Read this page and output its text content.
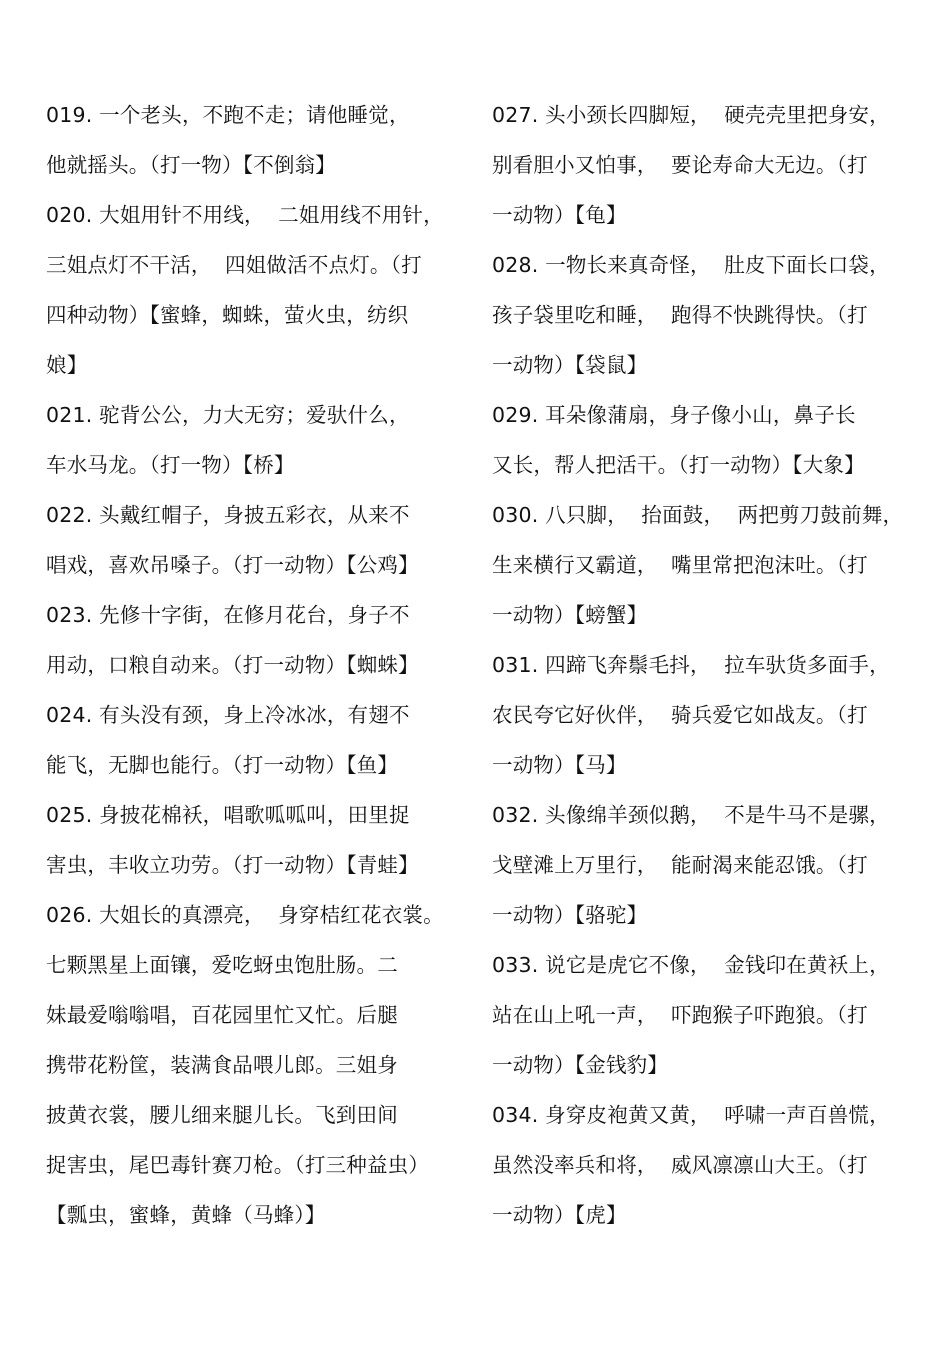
019. 一个老头，不跑不走；请他睡觉，
他就摇头。（打一物）【不倒翁】
020. 大姐用针不用线，  二姐用线不用针，
三姐点灯不干活，  四姐做活不点灯。（打
四种动物）【蜜蜂，蜘蛛，萤火虫，纺织
娘】
021. 驼背公公，力大无穷；爱驮什么，
车水马龙。（打一物）【桥】
022. 头戴红帽子，身披五彩衣，从来不
唱戏，喜欢吊嗓子。（打一动物）【公鸡】
023. 先修十字街，在修月花台，身子不
用动，口粮自动来。（打一动物）【蜘蛛】
024. 有头没有颈，身上冷冰冰，有翅不
能飞，无脚也能行。（打一动物）【鱼】
025. 身披花棉袄，唱歌呱呱叫，田里捉
害虫，丰收立功劳。（打一动物）【青蛙】
026. 大姐长的真漂亮，  身穿桔红花衣裳。
七颗黑星上面镶，爱吃蚜虫饱肚肠。二
妹最爱嗡嗡唱，百花园里忙又忙。后腿
携带花粉筐，装满食品喂儿郎。三姐身
披黄衣裳，腰儿细来腿儿长。飞到田间
捉害虫，尾巴毒针赛刀枪。（打三种益虫）
【瓢虫，蜜蜂，黄蜂（马蜂）】
027. 头小颈长四脚短，  硬壳壳里把身安，
别看胆小又怕事，  要论寿命大无边。（打
一动物）【龟】
028. 一物长来真奇怪，  肚皮下面长口袋，
孩子袋里吃和睡，  跑得不快跳得快。（打
一动物）【袋鼠】
029. 耳朵像蒲扇，身子像小山，鼻子长
又长，帮人把活干。（打一动物）【大象】
030. 八只脚，  抬面鼓，  两把剪刀鼓前舞，
生来横行又霸道，  嘴里常把泡沫吐。（打
一动物）【螃蟹】
031. 四蹄飞奔鬃毛抖，  拉车驮货多面手，
农民夸它好伙伴，  骑兵爱它如战友。（打
一动物）【马】
032. 头像绵羊颈似鹅，  不是牛马不是骡，
戈壁滩上万里行，  能耐渴来能忍饿。（打
一动物）【骆驼】
033. 说它是虎它不像，  金钱印在黄袄上，
站在山上吼一声，  吓跑猴子吓跑狼。（打
一动物）【金钱豹】
034. 身穿皮袍黄又黄，  呼啸一声百兽慌，
虽然没率兵和将，  威风凛凛山大王。（打
一动物）【虎】
